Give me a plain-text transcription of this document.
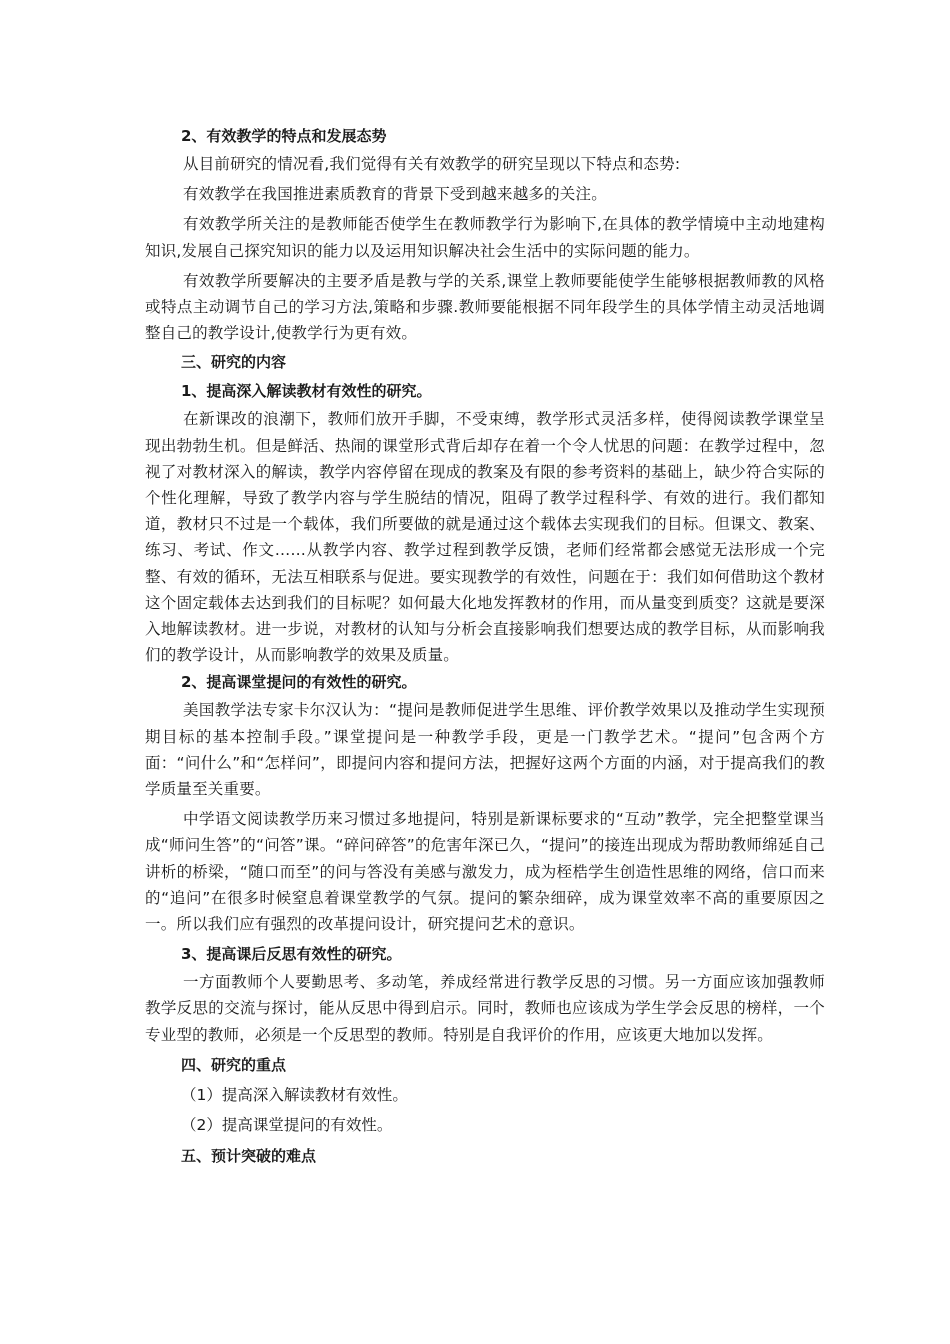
2、有效教学的特点和发展态势

从目前研究的情况看,我们觉得有关有效教学的研究呈现以下特点和态势:

有效教学在我国推进素质教育的背景下受到越来越多的关注。

有效教学所关注的是教师能否使学生在教师教学行为影响下,在具体的教学情境中主动地建构知识,发展自己探究知识的能力以及运用知识解决社会生活中的实际问题的能力。

有效教学所要解决的主要矛盾是教与学的关系,课堂上教师要能使学生能够根据教师教的风格或特点主动调节自己的学习方法,策略和步骤.教师要能根据不同年段学生的具体学情主动灵活地调整自己的教学设计,使教学行为更有效。

三、研究的内容

1、提高深入解读教材有效性的研究。

在新课改的浪潮下，教师们放开手脚，不受束缚，教学形式灵活多样，使得阅读教学课堂呈现出勃勃生机。但是鲜活、热闹的课堂形式背后却存在着一个令人忧思的问题：在教学过程中，忽视了对教材深入的解读，教学内容停留在现成的教案及有限的参考资料的基础上，缺少符合实际的个性化理解，导致了教学内容与学生脱结的情况，阻碍了教学过程科学、有效的进行。我们都知道，教材只不过是一个载体，我们所要做的就是通过这个载体去实现我们的目标。但课文、教案、练习、考试、作文……从教学内容、教学过程到教学反馈，老师们经常都会感觉无法形成一个完整、有效的循环，无法互相联系与促进。要实现教学的有效性，问题在于：我们如何借助这个教材这个固定载体去达到我们的目标呢？如何最大化地发挥教材的作用，而从量变到质变？这就是要深入地解读教材。进一步说，对教材的认知与分析会直接影响我们想要达成的教学目标，从而影响我们的教学设计，从而影响教学的效果及质量。

2、提高课堂提问的有效性的研究。

美国教学法专家卡尔汉认为：“提问是教师促进学生思维、评价教学效果以及推动学生实现预期目标的基本控制手段。”课堂提问是一种教学手段，更是一门教学艺术。“提问”包含两个方面：“问什么”和“怎样问”，即提问内容和提问方法，把握好这两个方面的内涵，对于提高我们的教学质量至关重要。

中学语文阅读教学历来习惯过多地提问，特别是新课标要求的“互动”教学，完全把整堂课当成“师问生答”的“问答”课。“碎问碎答”的危害年深已久，“提问”的接连出现成为帮助教师绵延自己讲析的桥梁，“随口而至”的问与答没有美感与激发力，成为桎梏学生创造性思维的网络，信口而来的“追问”在很多时候窒息着课堂教学的气氛。提问的繁杂细碎，成为课堂效率不高的重要原因之一。所以我们应有强烈的改革提问设计，研究提问艺术的意识。

3、提高课后反思有效性的研究。

一方面教师个人要勤思考、多动笔，养成经常进行教学反思的习惯。另一方面应该加强教师教学反思的交流与探讨，能从反思中得到启示。同时，教师也应该成为学生学会反思的榜样，一个专业型的教师，必须是一个反思型的教师。特别是自我评价的作用，应该更大地加以发挥。

四、研究的重点

（1）提高深入解读教材有效性。

（2）提高课堂提问的有效性。

五、预计突破的难点
